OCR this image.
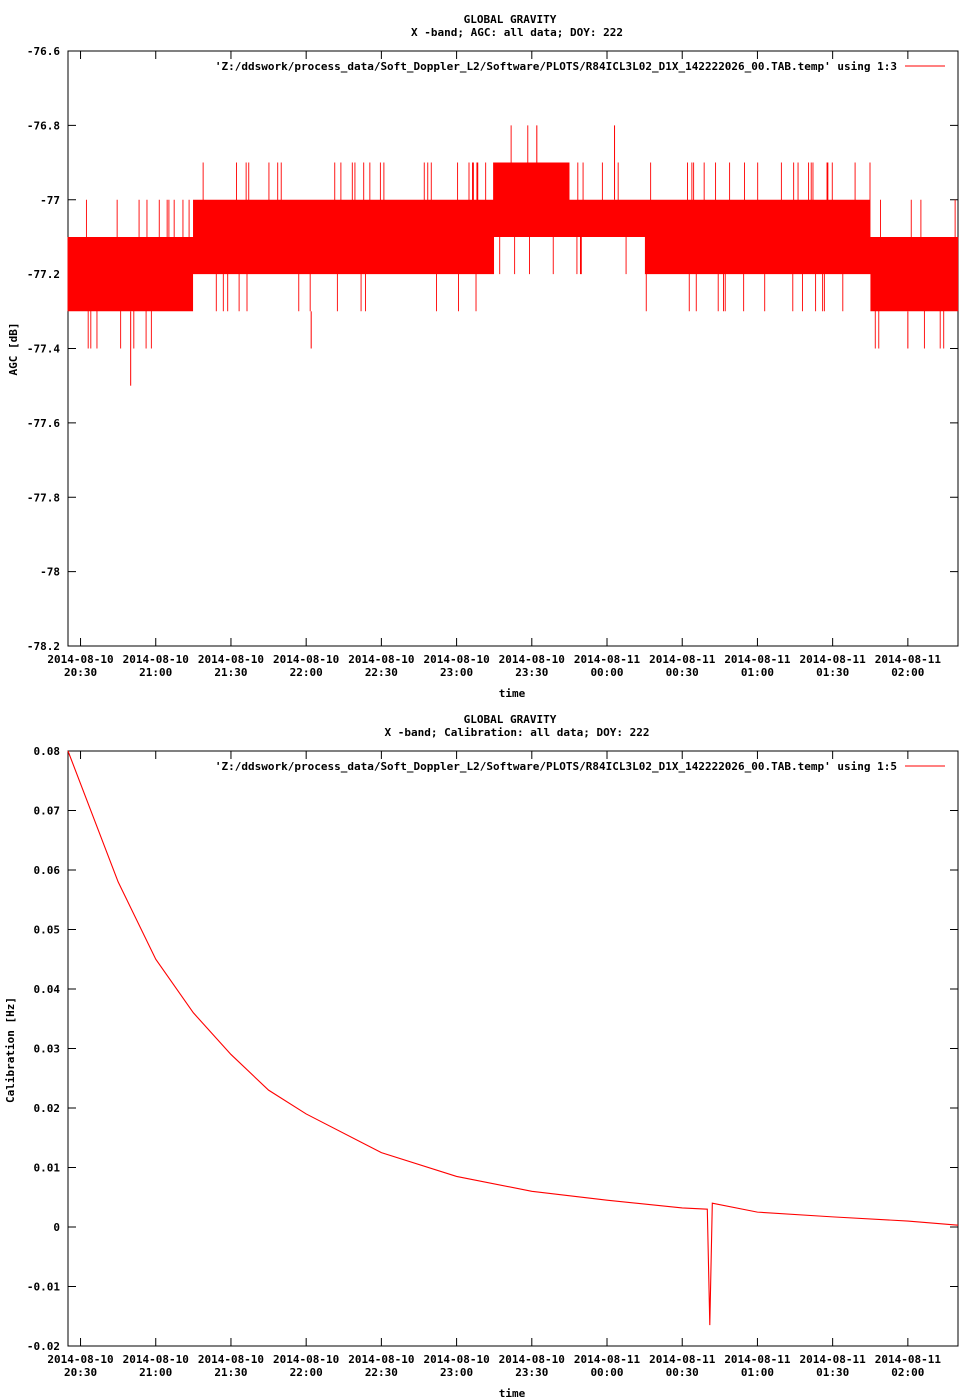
GLOBAL GRAVITY
X -band; AGC: all data; DOY: 222
-76.6
-76.8
-77
-77.2
-77.4
-77.6
-77.8
-78
-78.2
2014-08-10
20:30
2014-08-10
21:00
2014-08-10
21:30
2014-08-10
22:00
2014-08-10
22:30
2014-08-10
23:00
2014-08-10
23:30
2014-08-11
00:00
2014-08-11
00:30
2014-08-11
01:00
2014-08-11
01:30
2014-08-11
02:00
'Z:/ddswork/process_data/Soft_Doppler_L2/Software/PLOTS/R84ICL3L02_D1X_142222026_00.TAB.temp' using 1:3
time
AGC [dB]
GLOBAL GRAVITY
X -band; Calibration: all data; DOY: 222
0.08
0.07
0.06
0.05
0.04
0.03
0.02
0.01
0
-0.01
-0.02
2014-08-10
20:30
2014-08-10
21:00
2014-08-10
21:30
2014-08-10
22:00
2014-08-10
22:30
2014-08-10
23:00
2014-08-10
23:30
2014-08-11
00:00
2014-08-11
00:30
2014-08-11
01:00
2014-08-11
01:30
2014-08-11
02:00
'Z:/ddswork/process_data/Soft_Doppler_L2/Software/PLOTS/R84ICL3L02_D1X_142222026_00.TAB.temp' using 1:5
time
Calibration [Hz]
